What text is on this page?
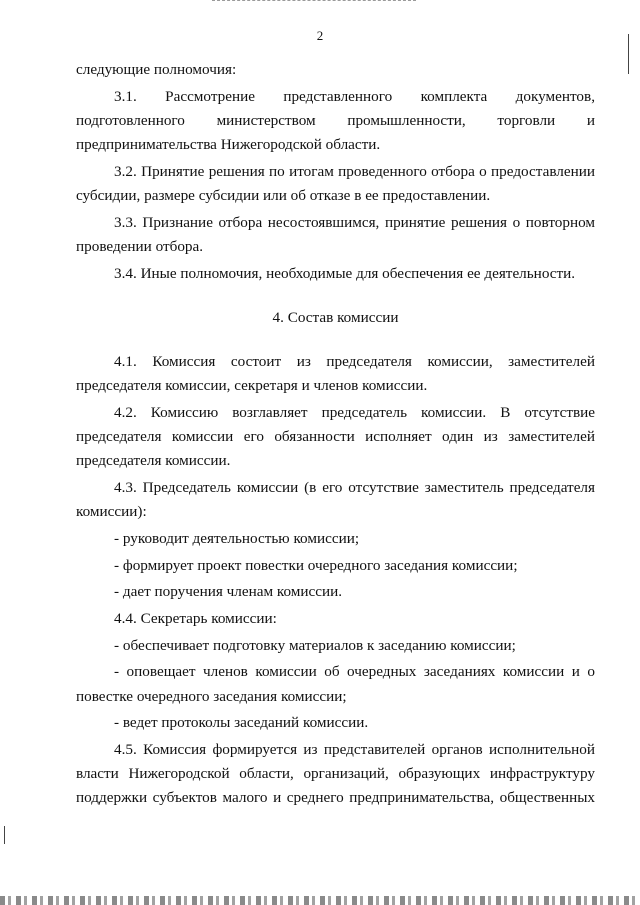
2

следующие полномочия:

3.1. Рассмотрение представленного комплекта документов, подготовленного министерством промышленности, торговли и предпринимательства Нижегородской области.

3.2. Принятие решения по итогам проведенного отбора о предоставлении субсидии, размере субсидии или об отказе в ее предоставлении.

3.3. Признание отбора несостоявшимся, принятие решения о повторном проведении отбора.

3.4. Иные полномочия, необходимые для обеспечения ее деятельности.

4. Состав комиссии

4.1. Комиссия состоит из председателя комиссии, заместителей председателя комиссии, секретаря и членов комиссии.

4.2. Комиссию возглавляет председатель комиссии. В отсутствие председателя комиссии его обязанности исполняет один из заместителей председателя комиссии.

4.3. Председатель комиссии (в его отсутствие заместитель председателя комиссии):

- руководит деятельностью комиссии;

- формирует проект повестки очередного заседания комиссии;

- дает поручения членам комиссии.

4.4. Секретарь комиссии:

- обеспечивает подготовку материалов к заседанию комиссии;

- оповещает членов комиссии об очередных заседаниях комиссии и о повестке очередного заседания комиссии;

- ведет протоколы заседаний комиссии.

4.5. Комиссия формируется из представителей органов исполнительной власти Нижегородской области, организаций, образующих инфраструктуру поддержки субъектов малого и среднего предпринимательства, общественных
